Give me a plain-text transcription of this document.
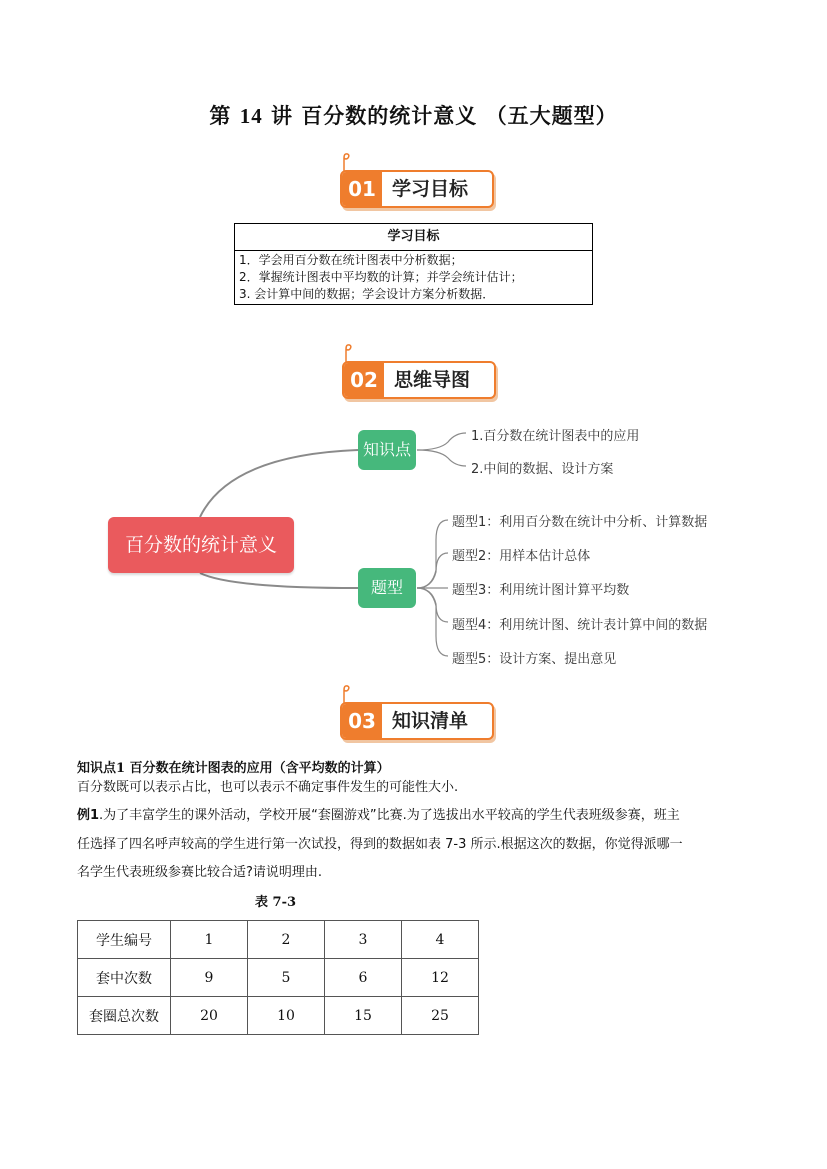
第 14 讲 百分数的统计意义 （五大题型）
01 学习目标
学习目标

1．学会用百分数在统计图表中分析数据；
2．掌握统计图表中平均数的计算；并学会统计估计；
3. 会计算中间的数据；学会设计方案分析数据．
02 思维导图
百分数的统计意义
知识点
题型
1.百分数在统计图表中的应用
2.中间的数据、设计方案
题型1：利用百分数在统计中分析、计算数据
题型2：用样本估计总体
题型3：利用统计图计算平均数
题型4：利用统计图、统计表计算中间的数据
题型5：设计方案、提出意见
03 知识清单
知识点1 百分数在统计图表的应用（含平均数的计算）
百分数既可以表示占比，也可以表示不确定事件发生的可能性大小.
例1.为了丰富学生的课外活动，学校开展“套圈游戏”比赛.为了选拔出水平较高的学生代表班级参赛，班主
任选择了四名呼声较高的学生进行第一次试投，得到的数据如表 7-3 所示.根据这次的数据，你觉得派哪一
名学生代表班级参赛比较合适?请说明理由.
表 7-3
学生编号	1	2	3	4
套中次数	9	5	6	12
套圈总次数	20	10	15	25
